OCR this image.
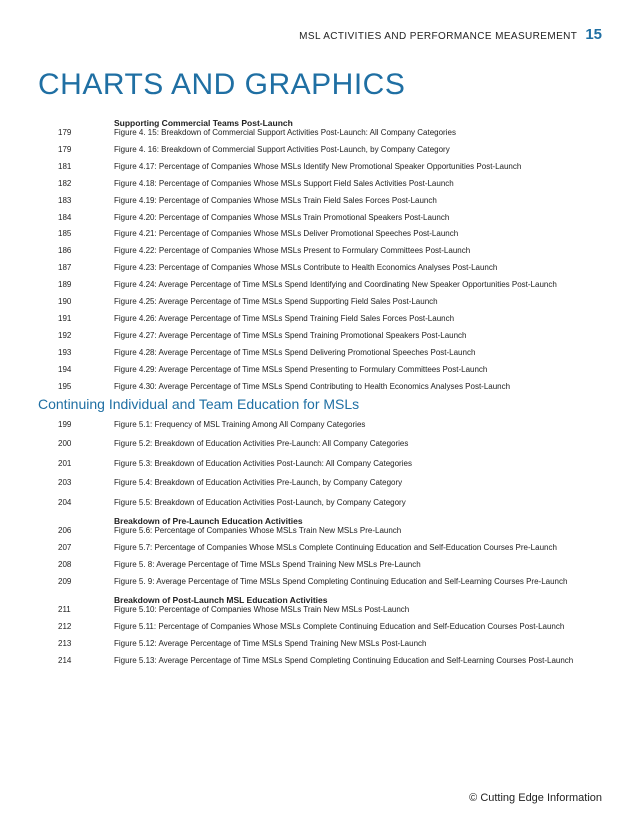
MSL ACTIVITIES AND PERFORMANCE MEASUREMENT 15
CHARTS AND GRAPHICS
Supporting Commercial Teams Post-Launch
179	Figure 4. 15: Breakdown of Commercial Support Activities Post-Launch: All Company Categories
179	Figure 4. 16: Breakdown of Commercial Support Activities Post-Launch, by Company Category
181	Figure 4.17: Percentage of Companies Whose MSLs Identify New Promotional Speaker Opportunities Post-Launch
182	Figure 4.18: Percentage of Companies Whose MSLs Support Field Sales Activities Post-Launch
183	Figure 4.19: Percentage of Companies Whose MSLs Train Field Sales Forces Post-Launch
184	Figure 4.20: Percentage of Companies Whose MSLs Train Promotional Speakers Post-Launch
185	Figure 4.21: Percentage of Companies Whose MSLs Deliver Promotional Speeches Post-Launch
186	Figure 4.22: Percentage of Companies Whose MSLs Present to Formulary Committees Post-Launch
187	Figure 4.23: Percentage of Companies Whose MSLs Contribute to Health Economics Analyses Post-Launch
189	Figure 4.24: Average Percentage of Time MSLs Spend Identifying and Coordinating New Speaker Opportunities Post-Launch
190	Figure 4.25: Average Percentage of Time MSLs Spend Supporting Field Sales Post-Launch
191	Figure 4.26: Average Percentage of Time MSLs Spend Training Field Sales Forces Post-Launch
192	Figure 4.27: Average Percentage of Time MSLs Spend Training Promotional Speakers Post-Launch
193	Figure 4.28: Average Percentage of Time MSLs Spend Delivering Promotional Speeches Post-Launch
194	Figure 4.29: Average Percentage of Time MSLs Spend Presenting to Formulary Committees Post-Launch
195	Figure 4.30: Average Percentage of Time MSLs Spend Contributing to Health Economics Analyses Post-Launch
Continuing Individual and Team Education for MSLs
199	Figure 5.1: Frequency of MSL Training Among All Company Categories
200	Figure 5.2: Breakdown of Education Activities Pre-Launch: All Company Categories
201	Figure 5.3: Breakdown of Education Activities Post-Launch: All Company Categories
203	Figure 5.4: Breakdown of Education Activities Pre-Launch, by Company Category
204	Figure 5.5: Breakdown of Education Activities Post-Launch, by Company Category
Breakdown of Pre-Launch Education Activities
206	Figure 5.6: Percentage of Companies Whose MSLs Train New MSLs Pre-Launch
207	Figure 5.7: Percentage of Companies Whose MSLs Complete Continuing Education and Self-Education Courses Pre-Launch
208	Figure 5. 8: Average Percentage of Time MSLs Spend Training New MSLs Pre-Launch
209	Figure 5. 9: Average Percentage of Time MSLs Spend Completing Continuing Education and Self-Learning Courses Pre-Launch
Breakdown of Post-Launch MSL Education Activities
211	Figure 5.10: Percentage of Companies Whose MSLs Train New MSLs Post-Launch
212	Figure 5.11: Percentage of Companies Whose MSLs Complete Continuing Education and Self-Education Courses Post-Launch
213	Figure 5.12: Average Percentage of Time MSLs Spend Training New MSLs Post-Launch
214	Figure 5.13: Average Percentage of Time MSLs Spend Completing Continuing Education and Self-Learning Courses Post-Launch
© Cutting Edge Information
